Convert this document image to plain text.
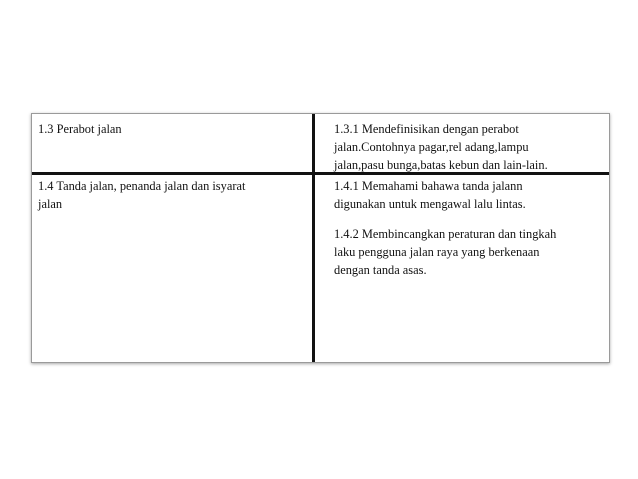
1.3 Perabot jalan	1.3.1 Mendefinisikan dengan perabot
jalan.Contohnya pagar,rel adang,lampu
jalan,pasu bunga,batas kebun dan lain-lain.
1.4 Tanda jalan, penanda jalan dan isyarat
jalan
1.4.1 Memahami bahawa tanda jalann
digunakan untuk mengawal lalu lintas.
1.4.2 Membincangkan peraturan dan tingkah
laku pengguna jalan raya yang berkenaan
dengan tanda asas.
